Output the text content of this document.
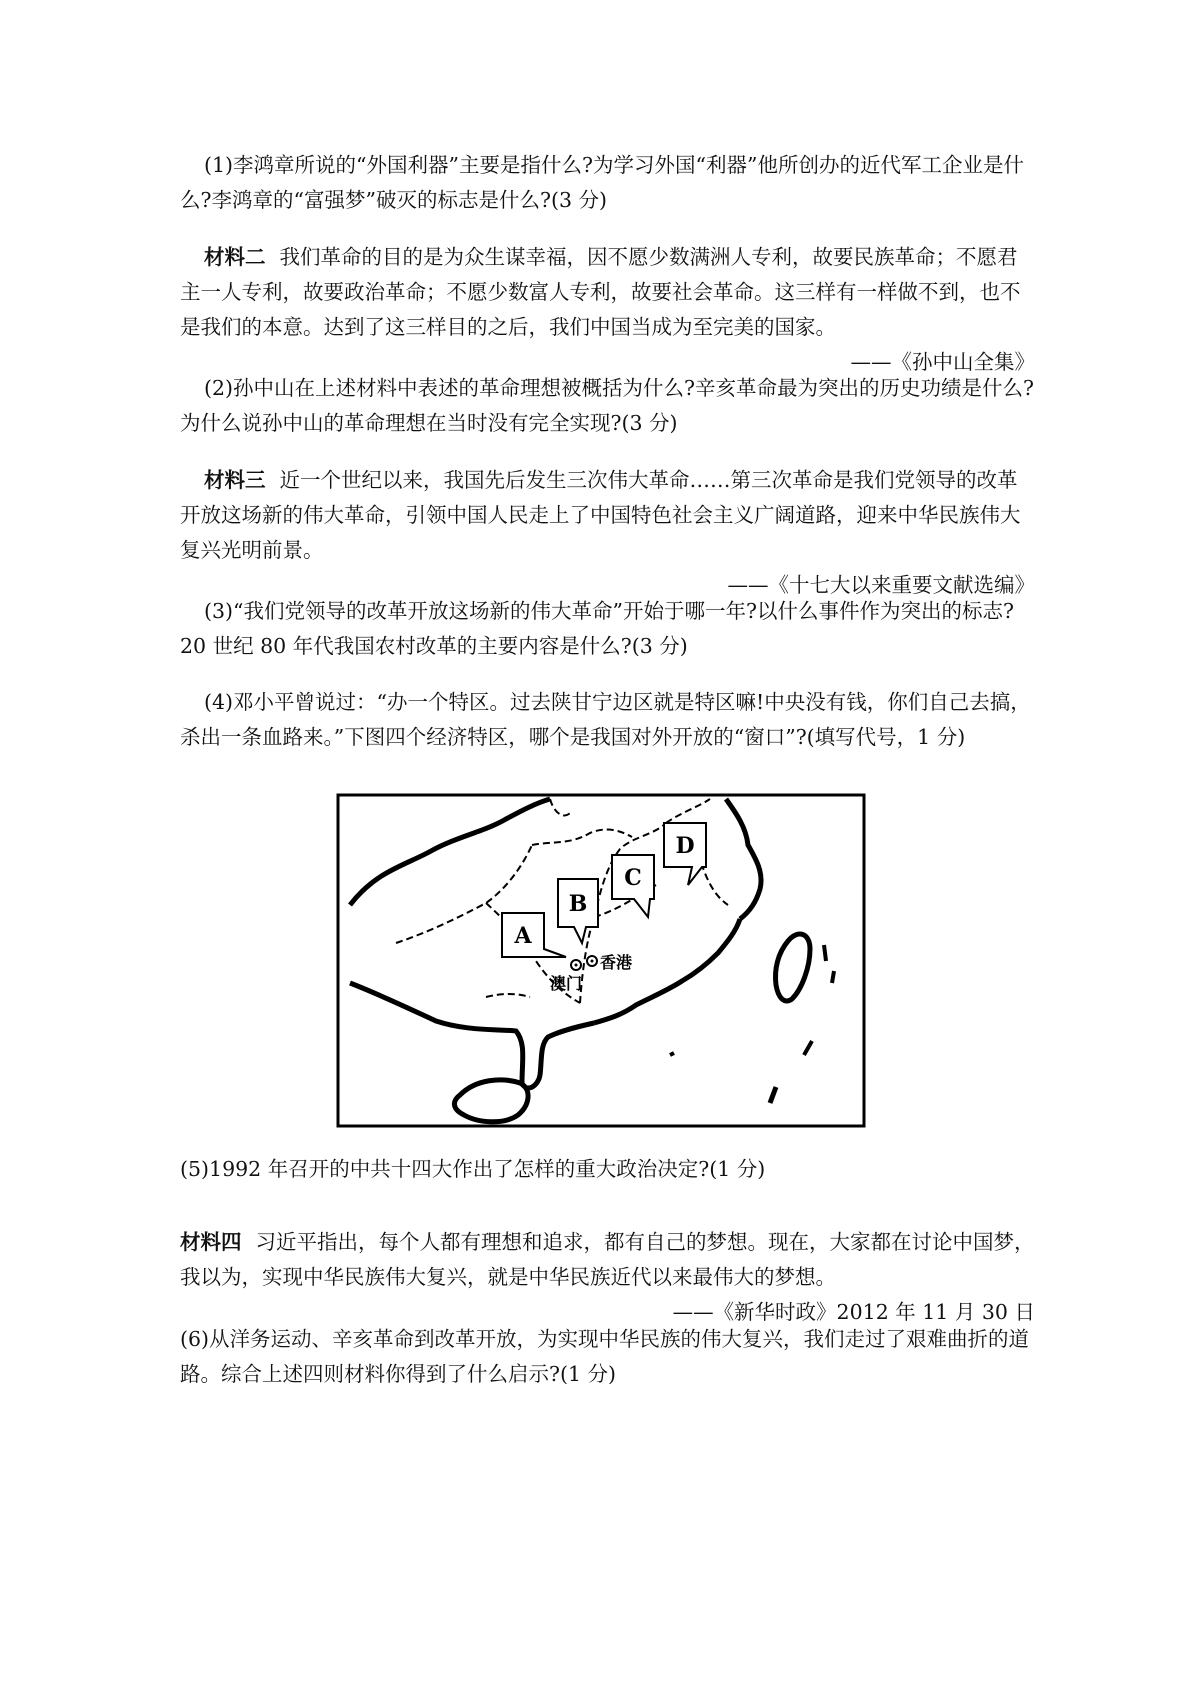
(1)李鸿章所说的“外国利器”主要是指什么?为学习外国“利器”他所创办的近代军工企业是什么?李鸿章的“富强梦”破灭的标志是什么?(3 分)

材料二 我们革命的目的是为众生谋幸福，因不愿少数满洲人专利，故要民族革命；不愿君主一人专利，故要政治革命；不愿少数富人专利，故要社会革命。这三样有一样做不到，也不是我们的本意。达到了这三样目的之后，我们中国当成为至完美的国家。

——《孙中山全集》

(2)孙中山在上述材料中表述的革命理想被概括为什么?辛亥革命最为突出的历史功绩是什么?为什么说孙中山的革命理想在当时没有完全实现?(3 分)

材料三 近一个世纪以来，我国先后发生三次伟大革命……第三次革命是我们党领导的改革开放这场新的伟大革命，引领中国人民走上了中国特色社会主义广阔道路，迎来中华民族伟大复兴光明前景。

——《十七大以来重要文献选编》

(3)“我们党领导的改革开放这场新的伟大革命”开始于哪一年?以什么事件作为突出的标志?20 世纪 80 年代我国农村改革的主要内容是什么?(3 分)

(4)邓小平曾说过：“办一个特区。过去陕甘宁边区就是特区嘛!中央没有钱，你们自己去搞，杀出一条血路来。”下图四个经济特区，哪个是我国对外开放的“窗口”?(填写代号，1 分)

A
B
C
D
香港
澳门

(5)1992 年召开的中共十四大作出了怎样的重大政治决定?(1 分)

材料四 习近平指出，每个人都有理想和追求，都有自己的梦想。现在，大家都在讨论中国梦，我以为，实现中华民族伟大复兴，就是中华民族近代以来最伟大的梦想。

——《新华时政》2012 年 11 月 30 日

(6)从洋务运动、辛亥革命到改革开放，为实现中华民族的伟大复兴，我们走过了艰难曲折的道路。综合上述四则材料你得到了什么启示?(1 分)
